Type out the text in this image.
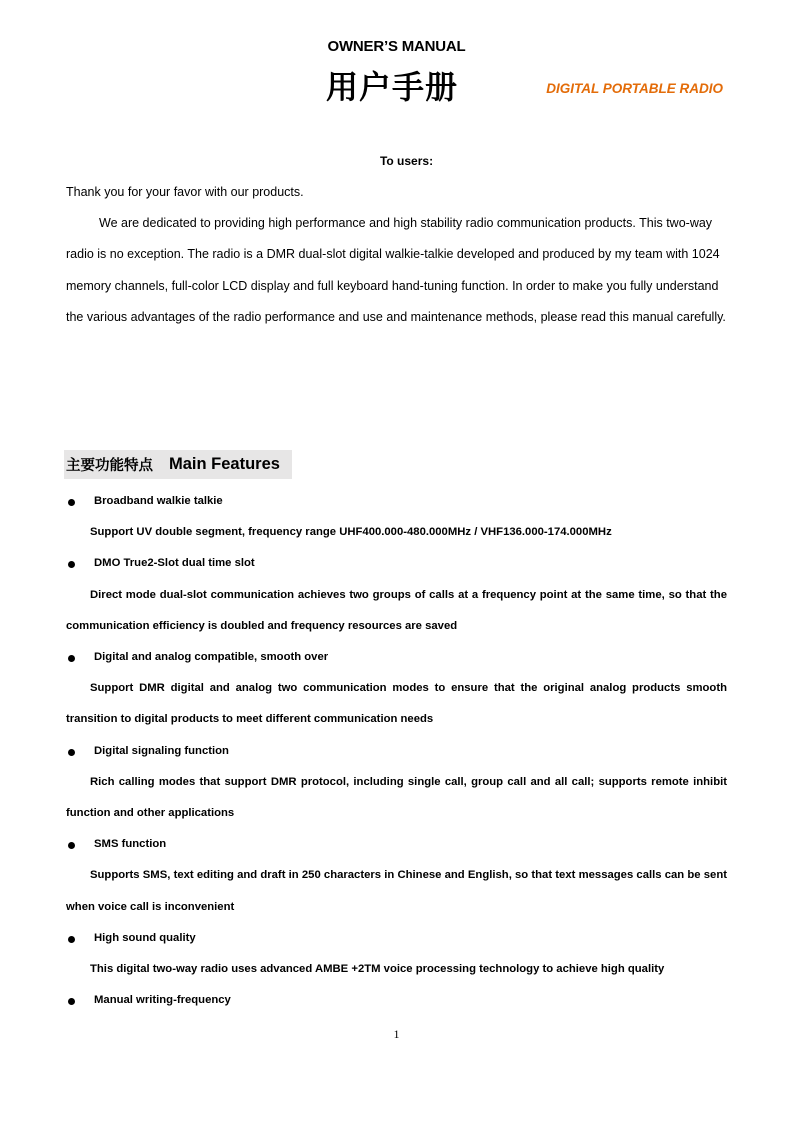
OWNER’S MANUAL
用户手册	DIGITAL PORTABLE RADIO
To users:

Thank you for your favor with our products.

We are dedicated to providing high performance and high stability radio communication products. This two-way radio is no exception. The radio is a DMR dual-slot digital walkie-talkie developed and produced by my team with 1024 memory channels, full-color LCD display and full keyboard hand-tuning function. In order to make you fully understand the various advantages of the radio performance and use and maintenance methods, please read this manual carefully.

主要功能特点 Main Features

Broadband walkie talkie

Support UV double segment, frequency range UHF400.000-480.000MHz / VHF136.000-174.000MHz

DMO True2-Slot dual time slot

Direct mode dual-slot communication achieves two groups of calls at a frequency point at the same time, so that the communication efficiency is doubled and frequency resources are saved

Digital and analog compatible, smooth over

Support DMR digital and analog two communication modes to ensure that the original analog products smooth transition to digital products to meet different communication needs

Digital signaling function

Rich calling modes that support DMR protocol, including single call, group call and all call; supports remote inhibit function and other applications

SMS function

Supports SMS, text editing and draft in 250 characters in Chinese and English, so that text messages calls can be sent when voice call is inconvenient

High sound quality

This digital two-way radio uses advanced AMBE +2TM voice processing technology to achieve high quality

Manual writing-frequency

1
